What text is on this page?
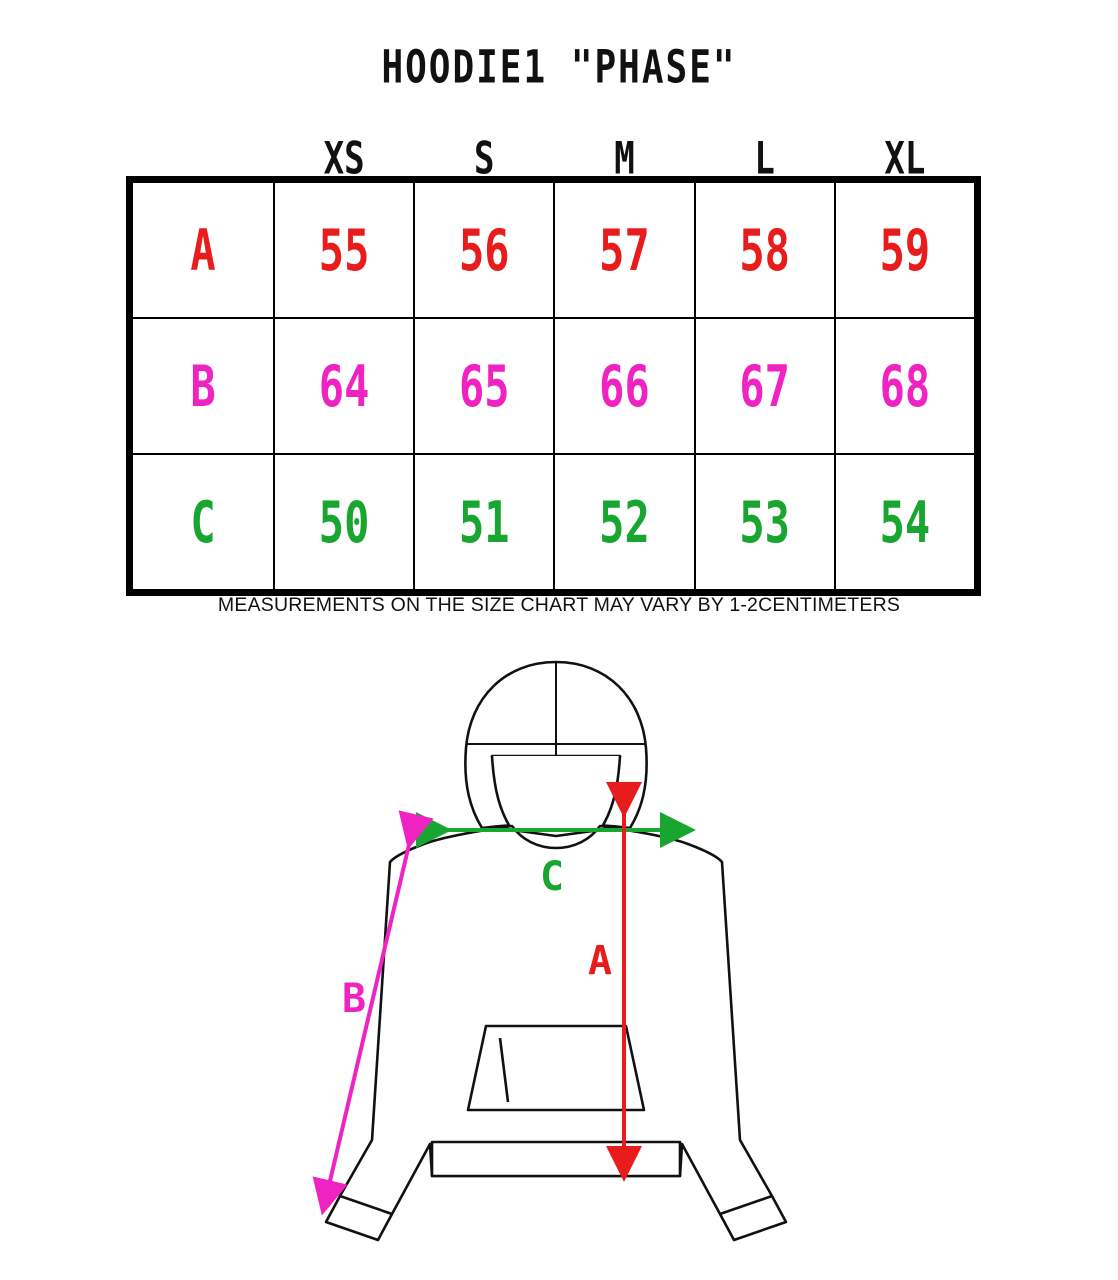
HOODIE1 "PHASE"
	XS	S	M	L	XL
A	55	56	57	58	59
B	64	65	66	67	68
C	50	51	52	53	54
MEASUREMENTS ON THE SIZE CHART MAY VARY BY 1-2CENTIMETERS
C
A
B
